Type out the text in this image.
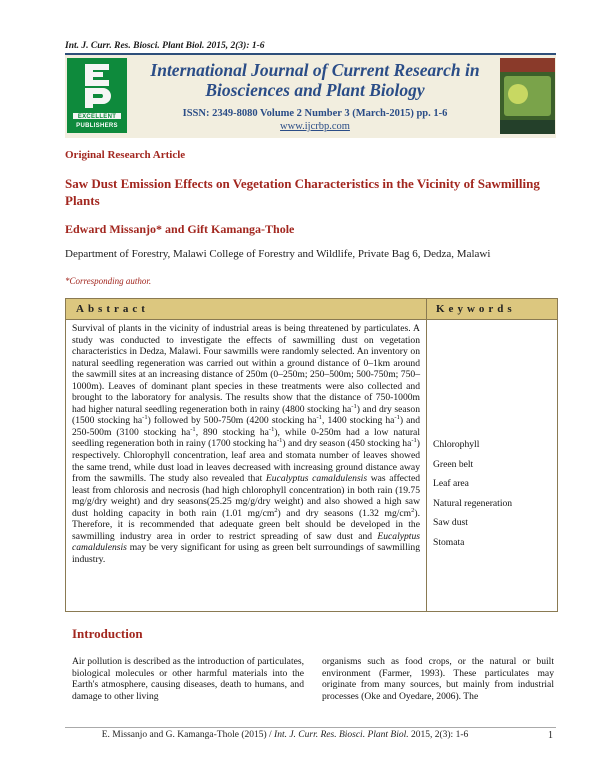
Int. J. Curr. Res. Biosci. Plant Biol. 2015, 2(3): 1-6
EXCELLENT
PUBLISHERS
International Journal of Current Research in Biosciences and Plant Biology
ISSN: 2349-8080 Volume 2 Number 3 (March-2015) pp. 1-6
www.ijcrbp.com
Original Research Article
Saw Dust Emission Effects on Vegetation Characteristics in the Vicinity of Sawmilling Plants
Edward Missanjo* and Gift Kamanga-Thole
Department of Forestry, Malawi College of Forestry and Wildlife, Private Bag 6, Dedza, Malawi
*Corresponding author.
Abstract	Keywords
Survival of plants in the vicinity of industrial areas is being threatened by particulates. A study was conducted to investigate the effects of sawmilling dust on vegetation characteristics in Dedza, Malawi. Four sawmills were randomly selected. An inventory on natural seedling regeneration was carried out within a ground distance of 0–1km around the sawmill sites at an increasing distance of 250m (0–250m; 250–500m; 500-750m; 750–1000m). Leaves of dominant plant species in these treatments were also collected and brought to the laboratory for analysis. The results show that the distance of 750-1000m had higher natural seedling regeneration both in rainy (4800 stocking $ha^{-1}$) and dry season (1500 stocking $ha^{-1}$) followed by 500-750m (4200 stocking $ha^{-1}$, 1400 stocking $ha^{-1}$) and 250-500m (3100 stocking $ha^{-1}$, 890 stocking $ha^{-1}$), while 0-250m had a low natural seedling regeneration both in rainy (1700 stocking $ha^{-1}$) and dry season (450 stocking $ha^{-1}$) respectively. Chlorophyll concentration, leaf area and stomata number of leaves showed the same trend, while dust load in leaves decreased with increasing ground distance away from the sawmills. The study also revealed that Eucalyptus camaldulensis was affected least from chlorosis and necrosis (had high chlorophyll concentration) in both rain (19.75 mg/g/dry weight) and dry seasons(25.25 mg/g/dry weight) and also showed a high saw dust holding capacity in both rain (1.01 $mg/cm^2$) and dry seasons (1.32 $mg/cm^2$). Therefore, it is recommended that adequate green belt should be developed in the sawmilling industry area in order to restrict spreading of saw dust and Eucalyptus camaldulensis may be very significant for using as green belt surroundings of sawmilling industry.
Chlorophyll
Green belt
Leaf area
Natural regeneration
Saw dust
Stomata
Introduction
Air pollution is described as the introduction of particulates, biological molecules or other harmful materials into the Earth's atmosphere, causing diseases, death to humans, and damage to other living
organisms such as food crops, or the natural or built environment (Farmer, 1993). These particulates may originate from many sources, but mainly from industrial processes (Oke and Oyedare, 2006). The
E. Missanjo and G. Kamanga-Thole (2015) / Int. J. Curr. Res. Biosci. Plant Biol. 2015, 2(3): 1-6	1
